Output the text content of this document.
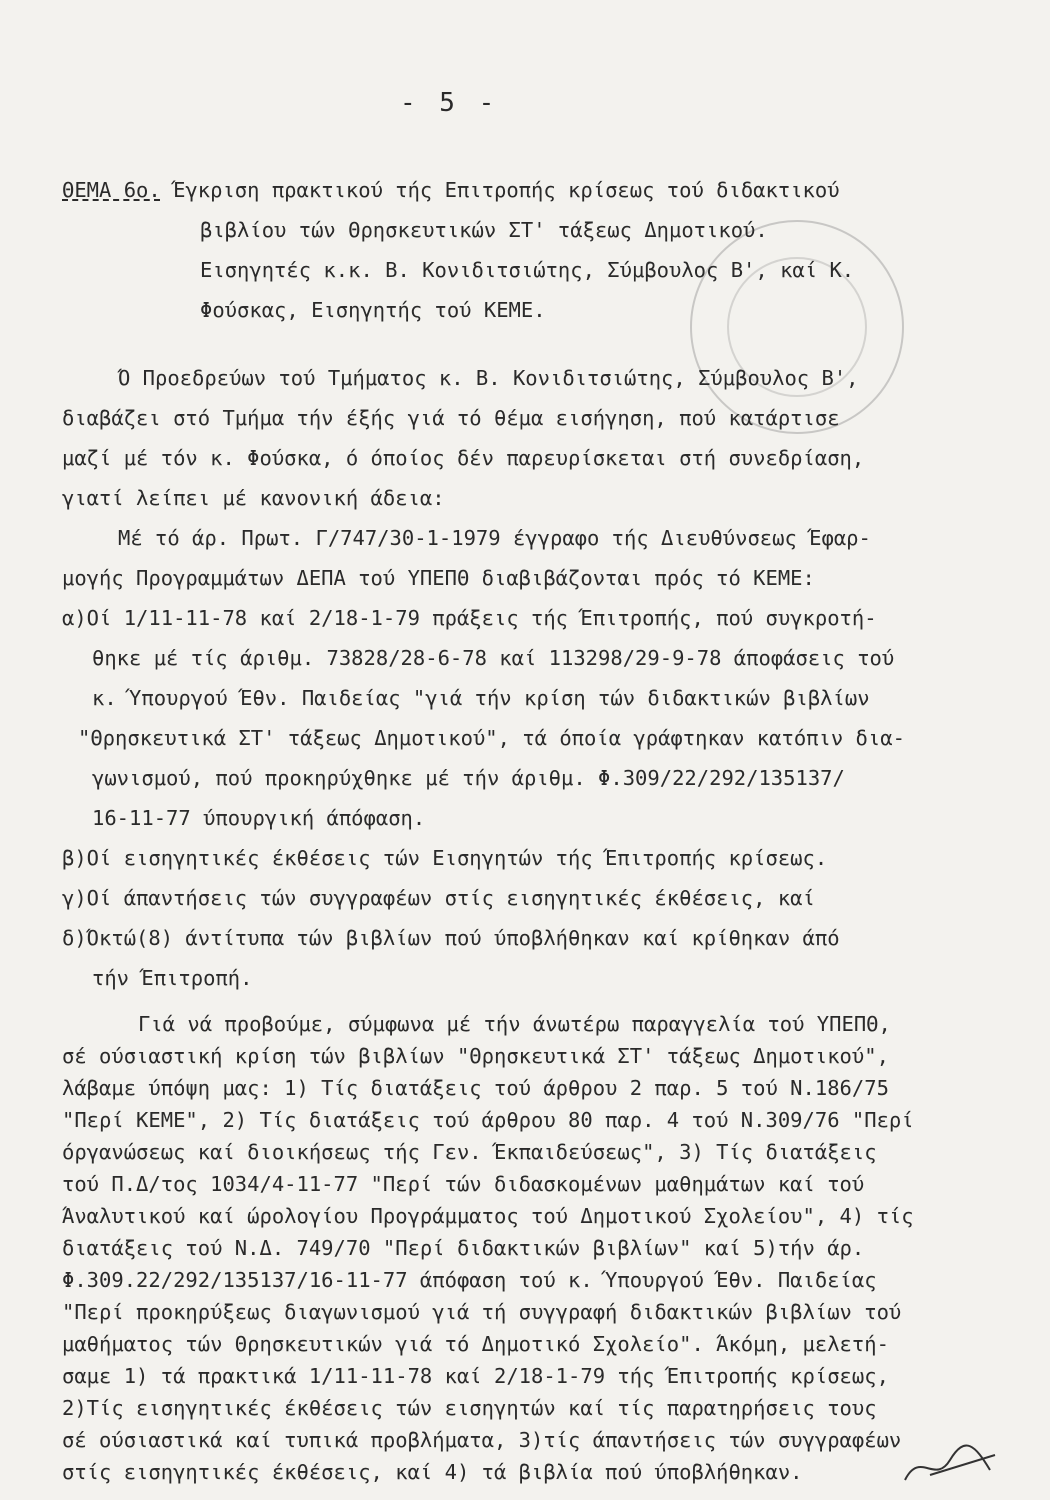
- 5 -
ΘΕΜΑ 6ο. Έγκριση πρακτικού τής Επιτροπής κρίσεως τού διδακτικού
βιβλίου τών Θρησκευτικών ΣΤ' τάξεως Δημοτικού.
Εισηγητές κ.κ. Β. Κονιδιτσιώτης, Σύμβουλος Β', καί Κ.
Φούσκας, Εισηγητής τού ΚΕΜΕ.
Ό Προεδρεύων τού Τμήματος κ. Β. Κονιδιτσιώτης, Σύμβουλος Β',
διαβάζει στό Τμήμα τήν έξής γιά τό θέμα εισήγηση, πού κατάρτισε
μαζί μέ τόν κ. Φούσκα, ό όποίος δέν παρευρίσκεται στή συνεδρίαση,
γιατί λείπει μέ κανονική άδεια:
Μέ τό άρ. Πρωτ. Γ/747/30-1-1979 έγγραφο τής Διευθύνσεως Έφαρ-
μογής Προγραμμάτων ΔΕΠΑ τού ΥΠΕΠΘ διαβιβάζονται πρός τό ΚΕΜΕ:
α)Οί 1/11-11-78 καί 2/18-1-79 πράξεις τής Έπιτροπής, πού συγκροτή-
θηκε μέ τίς άριθμ. 73828/28-6-78 καί 113298/29-9-78 άποφάσεις τού
κ. Ύπουργού Έθν. Παιδείας "γιά τήν κρίση τών διδακτικών βιβλίων
"Θρησκευτικά ΣΤ' τάξεως Δημοτικού", τά όποία γράφτηκαν κατόπιν δια-
γωνισμού, πού προκηρύχθηκε μέ τήν άριθμ. Φ.309/22/292/135137/
16-11-77 ύπουργική άπόφαση.
β)Οί εισηγητικές έκθέσεις τών Εισηγητών τής Έπιτροπής κρίσεως.
γ)Οί άπαντήσεις τών συγγραφέων στίς εισηγητικές έκθέσεις, καί
δ)Όκτώ(8) άντίτυπα τών βιβλίων πού ύποβλήθηκαν καί κρίθηκαν άπό
τήν Έπιτροπή.
Γιά νά προβούμε, σύμφωνα μέ τήν άνωτέρω παραγγελία τού ΥΠΕΠΘ,
σέ ούσιαστική κρίση τών βιβλίων "Θρησκευτικά ΣΤ' τάξεως Δημοτικού",
λάβαμε ύπόψη μας: 1) Τίς διατάξεις τού άρθρου 2 παρ. 5 τού Ν.186/75
"Περί ΚΕΜΕ", 2) Τίς διατάξεις τού άρθρου 80 παρ. 4 τού Ν.309/76 "Περί
όργανώσεως καί διοικήσεως τής Γεν. Έκπαιδεύσεως", 3) Τίς διατάξεις
τού Π.Δ/τος 1034/4-11-77 "Περί τών διδασκομένων μαθημάτων καί τού
Άναλυτικού καί ώρολογίου Προγράμματος τού Δημοτικού Σχολείου", 4) τίς
διατάξεις τού Ν.Δ. 749/70 "Περί διδακτικών βιβλίων" καί 5)τήν άρ.
Φ.309.22/292/135137/16-11-77 άπόφαση τού κ. Ύπουργού Έθν. Παιδείας
"Περί προκηρύξεως διαγωνισμού γιά τή συγγραφή διδακτικών βιβλίων τού
μαθήματος τών Θρησκευτικών γιά τό Δημοτικό Σχολείο". Άκόμη, μελετή-
σαμε 1) τά πρακτικά 1/11-11-78 καί 2/18-1-79 τής Έπιτροπής κρίσεως,
2)Τίς εισηγητικές έκθέσεις τών εισηγητών καί τίς παρατηρήσεις τους
σέ ούσιαστικά καί τυπικά προβλήματα, 3)τίς άπαντήσεις τών συγγραφέων
στίς εισηγητικές έκθέσεις, καί 4) τά βιβλία πού ύποβλήθηκαν.
